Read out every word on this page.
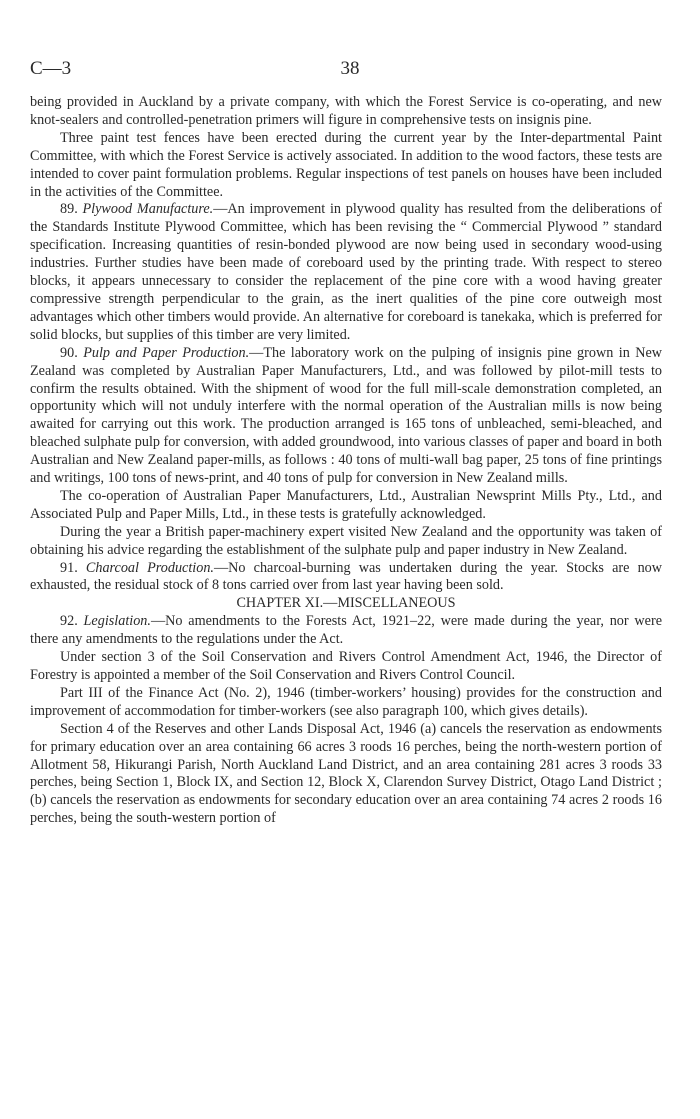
C—3	38

being provided in Auckland by a private company, with which the Forest Service is co-operating, and new knot-sealers and controlled-penetration primers will figure in comprehensive tests on insignis pine.

Three paint test fences have been erected during the current year by the Inter-departmental Paint Committee, with which the Forest Service is actively associated. In addition to the wood factors, these tests are intended to cover paint formulation problems. Regular inspections of test panels on houses have been included in the activities of the Committee.

89. Plywood Manufacture.—An improvement in plywood quality has resulted from the deliberations of the Standards Institute Plywood Committee, which has been revising the “ Commercial Plywood ” standard specification. Increasing quantities of resin-bonded plywood are now being used in secondary wood-using industries. Further studies have been made of coreboard used by the printing trade. With respect to stereo blocks, it appears unnecessary to consider the replacement of the pine core with a wood having greater compressive strength perpendicular to the grain, as the inert qualities of the pine core outweigh most advantages which other timbers would provide. An alternative for coreboard is tanekaka, which is preferred for solid blocks, but supplies of this timber are very limited.

90. Pulp and Paper Production.—The laboratory work on the pulping of insignis pine grown in New Zealand was completed by Australian Paper Manufacturers, Ltd., and was followed by pilot-mill tests to confirm the results obtained. With the shipment of wood for the full mill-scale demonstration completed, an opportunity which will not unduly interfere with the normal operation of the Australian mills is now being awaited for carrying out this work. The production arranged is 165 tons of unbleached, semi-bleached, and bleached sulphate pulp for conversion, with added groundwood, into various classes of paper and board in both Australian and New Zealand paper-mills, as follows : 40 tons of multi-wall bag paper, 25 tons of fine printings and writings, 100 tons of news-print, and 40 tons of pulp for conversion in New Zealand mills.

The co-operation of Australian Paper Manufacturers, Ltd., Australian Newsprint Mills Pty., Ltd., and Associated Pulp and Paper Mills, Ltd., in these tests is gratefully acknowledged.

During the year a British paper-machinery expert visited New Zealand and the opportunity was taken of obtaining his advice regarding the establishment of the sulphate pulp and paper industry in New Zealand.

91. Charcoal Production.—No charcoal-burning was undertaken during the year. Stocks are now exhausted, the residual stock of 8 tons carried over from last year having been sold.

CHAPTER XI.—MISCELLANEOUS

92. Legislation.—No amendments to the Forests Act, 1921–22, were made during the year, nor were there any amendments to the regulations under the Act.

Under section 3 of the Soil Conservation and Rivers Control Amendment Act, 1946, the Director of Forestry is appointed a member of the Soil Conservation and Rivers Control Council.

Part III of the Finance Act (No. 2), 1946 (timber-workers’ housing) provides for the construction and improvement of accommodation for timber-workers (see also paragraph 100, which gives details).

Section 4 of the Reserves and other Lands Disposal Act, 1946 (a) cancels the reservation as endowments for primary education over an area containing 66 acres 3 roods 16 perches, being the north-western portion of Allotment 58, Hikurangi Parish, North Auckland Land District, and an area containing 281 acres 3 roods 33 perches, being Section 1, Block IX, and Section 12, Block X, Clarendon Survey District, Otago Land District ; (b) cancels the reservation as endowments for secondary education over an area containing 74 acres 2 roods 16 perches, being the south-western portion of
